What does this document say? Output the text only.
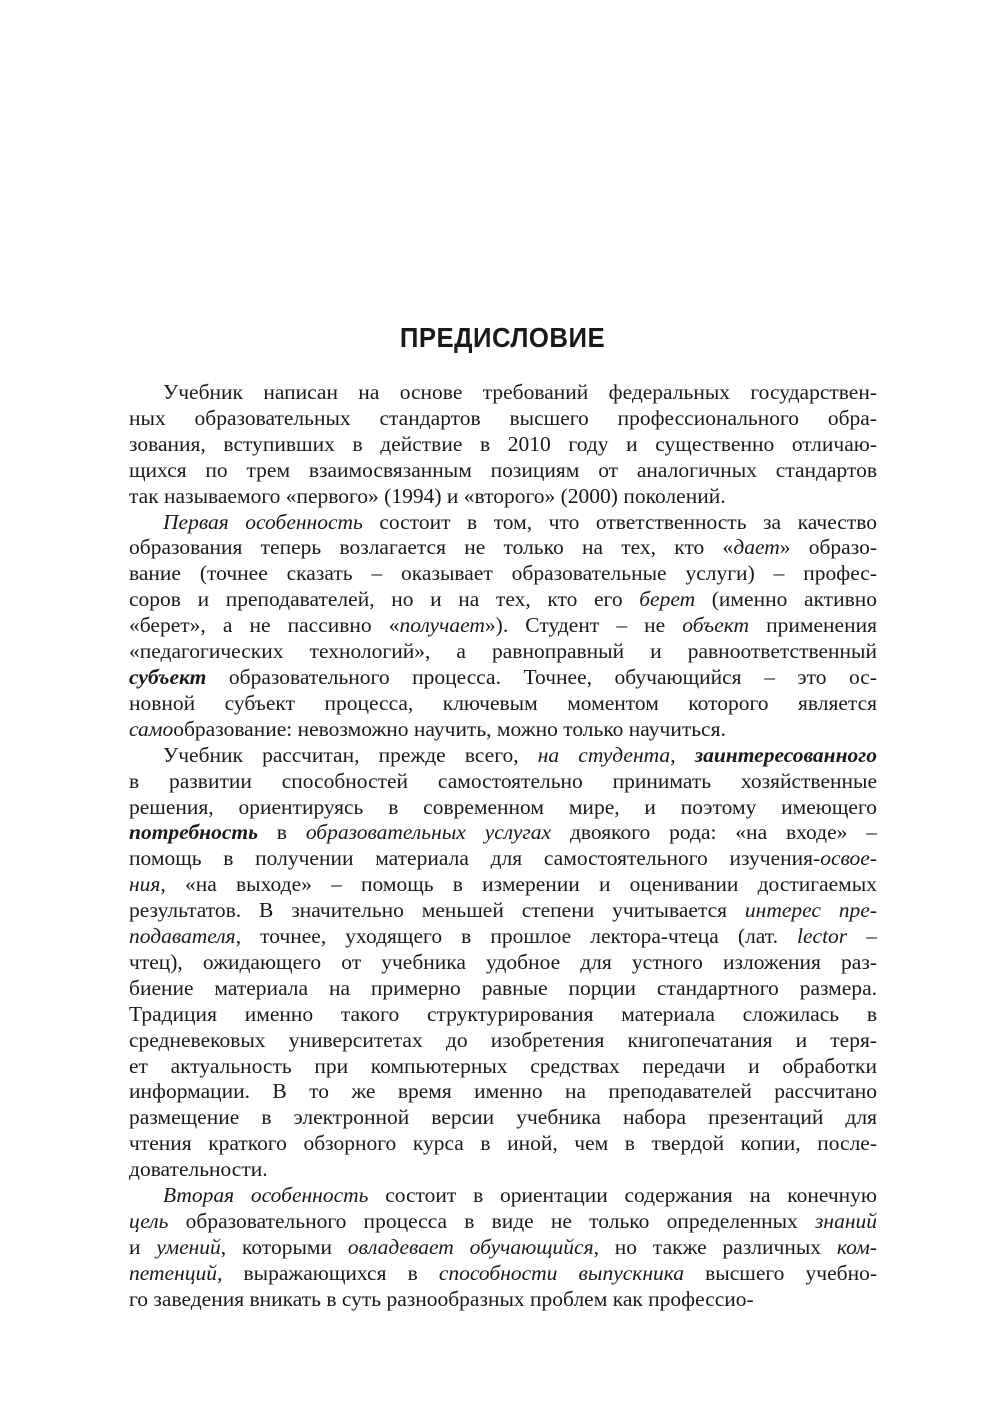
ПРЕДИСЛОВИЕ

Учебник написан на основе требований федеральных государствен-
ных образовательных стандартов высшего профессионального обра-
зования, вступивших в действие в 2010 году и существенно отличаю-
щихся по трем взаимосвязанным позициям от аналогичных стандартов
так называемого «первого» (1994) и «второго» (2000) поколений.

Первая особенность состоит в том, что ответственность за качество
образования теперь возлагается не только на тех, кто «дает» образо-
вание (точнее сказать – оказывает образовательные услуги) – профес-
соров и преподавателей, но и на тех, кто его берет (именно активно
«берет», а не пассивно «получает»). Студент – не объект применения
«педагогических технологий», а равноправный и равноответственный
субъект образовательного процесса. Точнее, обучающийся – это ос-
новной субъект процесса, ключевым моментом которого является
самообразование: невозможно научить, можно только научиться.

Учебник рассчитан, прежде всего, на студента, заинтересованного
в развитии способностей самостоятельно принимать хозяйственные
решения, ориентируясь в современном мире, и поэтому имеющего
потребность в образовательных услугах двоякого рода: «на входе» –
помощь в получении материала для самостоятельного изучения-освое-
ния, «на выходе» – помощь в измерении и оценивании достигаемых
результатов. В значительно меньшей степени учитывается интерес пре-
подавателя, точнее, уходящего в прошлое лектора-чтеца (лат. lector –
чтец), ожидающего от учебника удобное для устного изложения раз-
биение материала на примерно равные порции стандартного размера.
Традиция именно такого структурирования материала сложилась в
средневековых университетах до изобретения книгопечатания и теря-
ет актуальность при компьютерных средствах передачи и обработки
информации. В то же время именно на преподавателей рассчитано
размещение в электронной версии учебника набора презентаций для
чтения краткого обзорного курса в иной, чем в твердой копии, после-
довательности.

Вторая особенность состоит в ориентации содержания на конечную
цель образовательного процесса в виде не только определенных знаний
и умений, которыми овладевает обучающийся, но также различных ком-
петенций, выражающихся в способности выпускника высшего учебно-
го заведения вникать в суть разнообразных проблем как профессио-
